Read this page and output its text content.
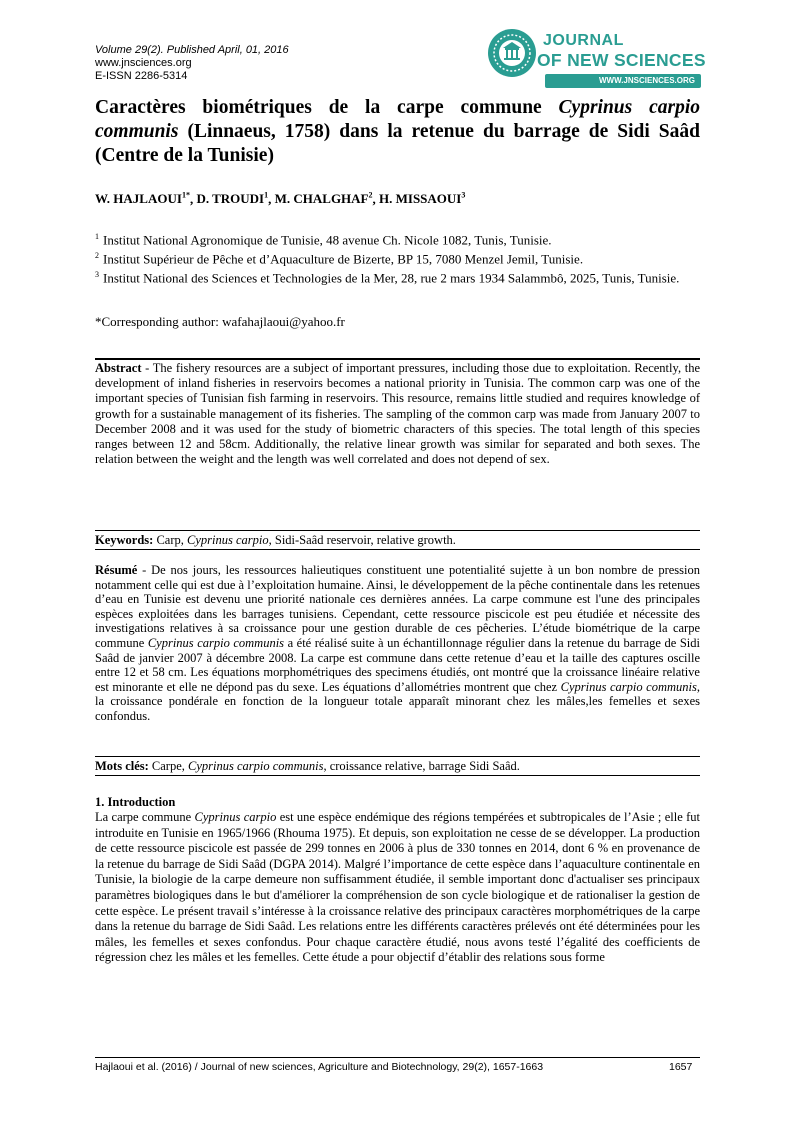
Volume 29(2). Published April, 01, 2016
www.jnsciences.org
E-ISSN 2286-5314
JOURNAL
OF NEW SCIENCES
WWW.JNSCIENCES.ORG
Caractères biométriques de la carpe commune Cyprinus carpio communis (Linnaeus, 1758) dans la retenue du barrage de Sidi Saâd (Centre de la Tunisie)
W. $HAJLAOUI^{1*}$, D. TROUDI$^1$, M. CHALGHAF$^2$, H. MISSAOUI$^3$
$^1$ Institut National Agronomique de Tunisie, 48 avenue Ch. Nicole 1082, Tunis, Tunisie.
$^2$ Institut Supérieur de Pêche et d’Aquaculture de Bizerte, BP 15, 7080 Menzel Jemil, Tunisie.
$^3$ Institut National des Sciences et Technologies de la Mer, 28, rue 2 mars 1934 Salammbô, 2025, Tunis, Tunisie.
*Corresponding author: wafahajlaoui@yahoo.fr
Abstract - The fishery resources are a subject of important pressures, including those due to exploitation. Recently, the development of inland fisheries in reservoirs becomes a national priority in Tunisia. The common carp was one of the important species of Tunisian fish farming in reservoirs. This resource, remains little studied and requires knowledge of growth for a sustainable management of its fisheries. The sampling of the common carp was made from January 2007 to December 2008 and it was used for the study of biometric characters of this species. The total length of this species ranges between 12 and 58cm. Additionally, the relative linear growth was similar for separated and both sexes. The relation between the weight and the length was well correlated and does not depend of sex.
Keywords: Carp, Cyprinus carpio, Sidi-Saâd reservoir, relative growth.
Résumé - De nos jours, les ressources halieutiques constituent une potentialité sujette à un bon nombre de pression notamment celle qui est due à l’exploitation humaine. Ainsi, le développement de la pêche continentale dans les retenues d’eau en Tunisie est devenu une priorité nationale ces dernières années. La carpe commune est l'une des principales espèces exploitées dans les barrages tunisiens. Cependant, cette ressource piscicole est peu étudiée et nécessite des investigations relatives à sa croissance pour une gestion durable de ces pêcheries. L’étude biométrique de la carpe commune Cyprinus carpio communis a été réalisé suite à un échantillonnage régulier dans la retenue du barrage de Sidi Saâd de janvier 2007 à décembre 2008. La carpe est commune dans cette retenue d’eau et la taille des captures oscille entre 12 et 58 cm. Les équations morphométriques des specimens étudiés, ont montré que la croissance linéaire relative est minorante et elle ne dépond pas du sexe. Les équations d’allométries montrent que chez Cyprinus carpio communis, la croissance pondérale en fonction de la longueur totale apparaît minorant chez les mâles,les femelles et sexes confondus.
Mots clés: Carpe, Cyprinus carpio communis, croissance relative, barrage Sidi Saâd.
1. Introduction
La carpe commune Cyprinus carpio est une espèce endémique des régions tempérées et subtropicales de l’Asie ; elle fut introduite en Tunisie en 1965/1966 (Rhouma 1975). Et depuis, son exploitation ne cesse de se développer. La production de cette ressource piscicole est passée de 299 tonnes en 2006 à plus de 330 tonnes en 2014, dont 6 % en provenance de la retenue du barrage de Sidi Saâd (DGPA 2014). Malgré l’importance de cette espèce dans l’aquaculture continentale en Tunisie, la biologie de la carpe demeure non suffisamment étudiée, il semble important donc d'actualiser ses principaux paramètres biologiques dans le but d'améliorer la compréhension de son cycle biologique et de rationaliser la gestion de cette espèce. Le présent travail s’intéresse à la croissance relative des principaux caractères morphométriques de la carpe dans la retenue du barrage de Sidi Saâd. Les relations entre les différents caractères prélevés ont été déterminées pour les mâles, les femelles et sexes confondus. Pour chaque caractère étudié, nous avons testé l’égalité des coefficients de régression chez les mâles et les femelles. Cette étude a pour objectif d’établir des relations sous forme
Hajlaoui et al. (2016) / Journal of new sciences, Agriculture and Biotechnology, 29(2), 1657-1663	1657
